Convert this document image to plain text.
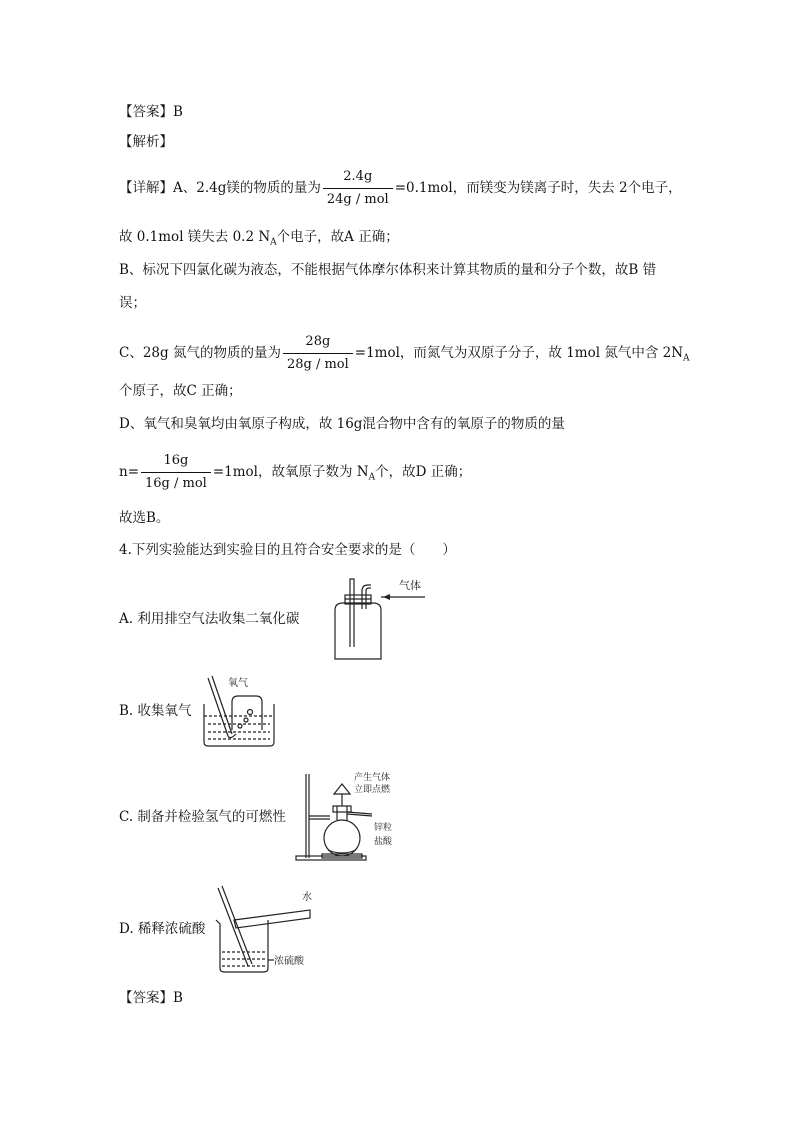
【答案】B
【解析】
【详解】A、2.4g镁的物质的量为 $\frac{2.4g}{\text{24g / mol}} =0.1mol$，而镁变为镁离子时，失去 2个电子，
故 0.1mol 镁失去 0.2 $N_A$个电子，故A 正确；
B、标况下四氯化碳为液态，不能根据气体摩尔体积来计算其物质的量和分子个数，故B 错
误；
C、28g 氮气的物质的量为 $\frac{28g}{\text{28g / mol}} =1mol$，而氮气为双原子分子，故 1mol 氮气中含 $2N_A$
个原子，故C 正确；
D、氧气和臭氧均由氧原子构成，故 16g混合物中含有的氧原子的物质的量
$n= \frac{16g}{\text{16g / mol}} =1mol$，故氧原子数为 $N_A$个，故D 正确；
故选B。
4.下列实验能达到实验目的且符合安全要求的是（　　）
A. 利用排空气法收集二氧化碳
B. 收集氧气
C. 制备并检验氢气的可燃性
D. 稀释浓硫酸
【答案】B
气体
氧气
产生气体
立即点燃
锌粒
盐酸
水
浓硫酸
